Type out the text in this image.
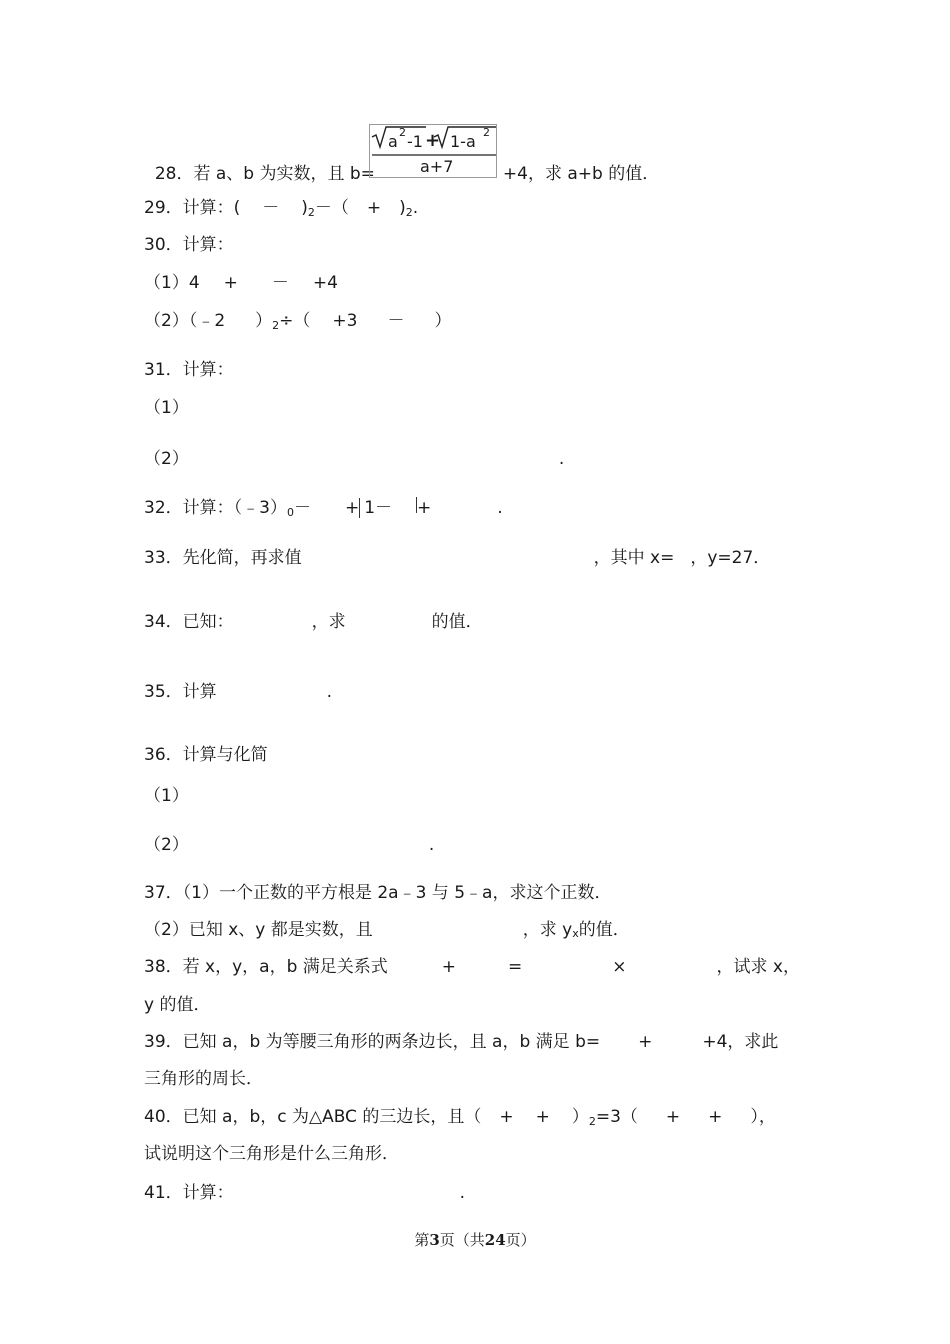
28．若 a、b 为实数，且 b=	+4，求 a+b 的值．

a 2 -1 + 1-a 2
a+7
29．计算：( － )2－（ + )2.
30．计算：
（1）4 + － +4
（2）（﹣2 ）2÷（ +3 － ）
31．计算：
（1）
（2）	.
32．计算：（﹣3）0－ + 1－ +	.
33．先化简，再求值	，其中 x= ，y=27．
34．已知：	，求	的值．
35．计算	.
36．计算与化简
（1）
（2）	.
37．（1）一个正数的平方根是 2a﹣3 与 5﹣a，求这个正数．
（2）已知 x、y 都是实数，且	，求 yx的值．
38．若 x，y，a，b 满足关系式	+	=	×	，试求 x，
y 的值．
39．已知 a，b 为等腰三角形的两条边长，且 a，b 满足 b= +	+4，求此
三角形的周长．
40．已知 a，b，c 为△ABC 的三边长，且（ + + ）2=3（ + + ），
试说明这个三角形是什么三角形．
41．计算：	.
第3页（共24页）
